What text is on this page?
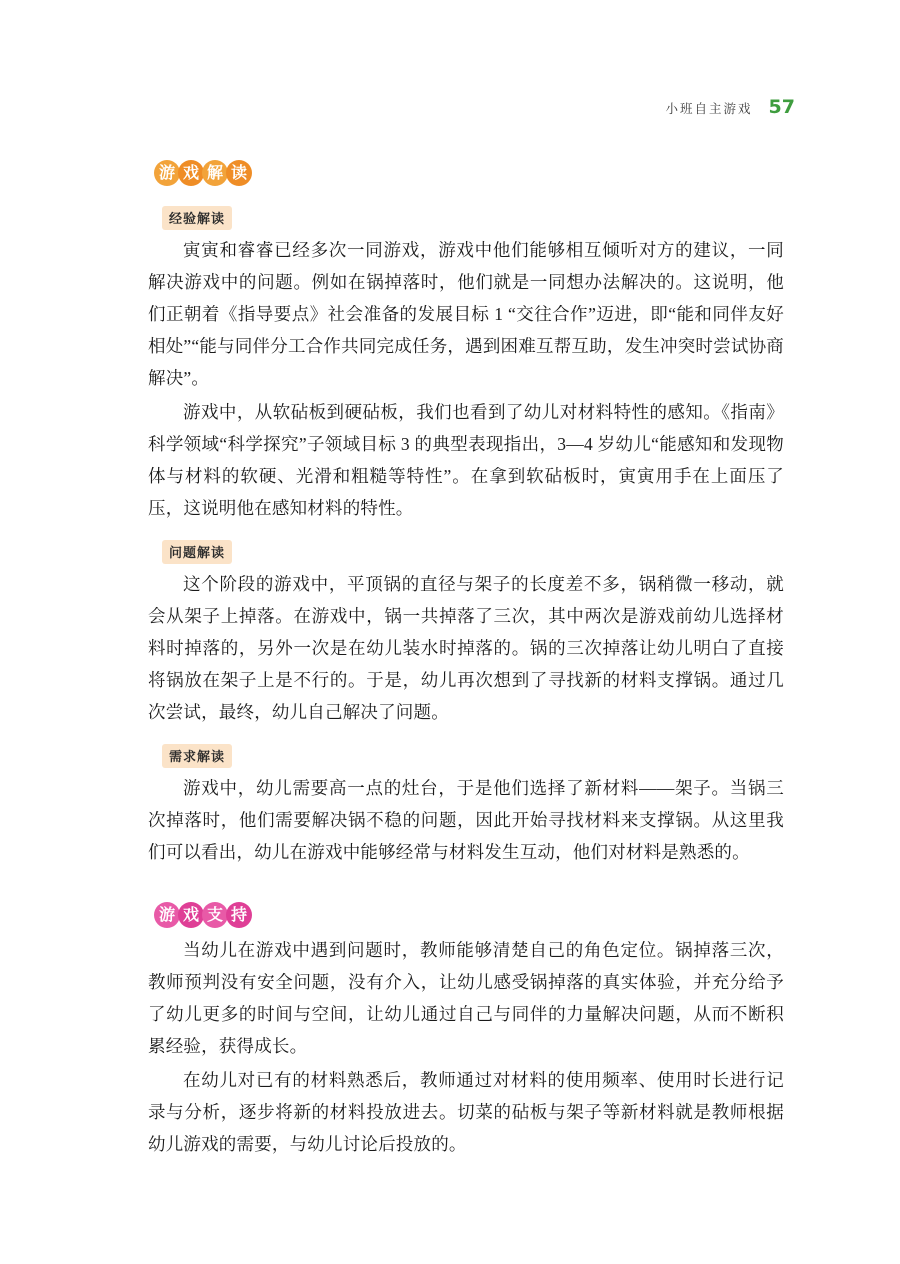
小班自主游戏 57
游 戏 解 读
经验解读

寅寅和睿睿已经多次一同游戏，游戏中他们能够相互倾听对方的建议，一同解决游戏中的问题。例如在锅掉落时，他们就是一同想办法解决的。这说明，他们正朝着《指导要点》社会准备的发展目标 1 “交往合作”迈进，即“能和同伴友好相处”“能与同伴分工合作共同完成任务，遇到困难互帮互助，发生冲突时尝试协商解决”。

游戏中，从软砧板到硬砧板，我们也看到了幼儿对材料特性的感知。《指南》科学领域“科学探究”子领域目标 3 的典型表现指出，3—4 岁幼儿“能感知和发现物体与材料的软硬、光滑和粗糙等特性”。在拿到软砧板时，寅寅用手在上面压了压，这说明他在感知材料的特性。

问题解读

这个阶段的游戏中，平顶锅的直径与架子的长度差不多，锅稍微一移动，就会从架子上掉落。在游戏中，锅一共掉落了三次，其中两次是游戏前幼儿选择材料时掉落的，另外一次是在幼儿装水时掉落的。锅的三次掉落让幼儿明白了直接将锅放在架子上是不行的。于是，幼儿再次想到了寻找新的材料支撑锅。通过几次尝试，最终，幼儿自己解决了问题。

需求解读

游戏中，幼儿需要高一点的灶台，于是他们选择了新材料——架子。当锅三次掉落时，他们需要解决锅不稳的问题，因此开始寻找材料来支撑锅。从这里我们可以看出，幼儿在游戏中能够经常与材料发生互动，他们对材料是熟悉的。

游 戏 支 持

当幼儿在游戏中遇到问题时，教师能够清楚自己的角色定位。锅掉落三次，教师预判没有安全问题，没有介入，让幼儿感受锅掉落的真实体验，并充分给予了幼儿更多的时间与空间，让幼儿通过自己与同伴的力量解决问题，从而不断积累经验，获得成长。

在幼儿对已有的材料熟悉后，教师通过对材料的使用频率、使用时长进行记录与分析，逐步将新的材料投放进去。切菜的砧板与架子等新材料就是教师根据幼儿游戏的需要，与幼儿讨论后投放的。
